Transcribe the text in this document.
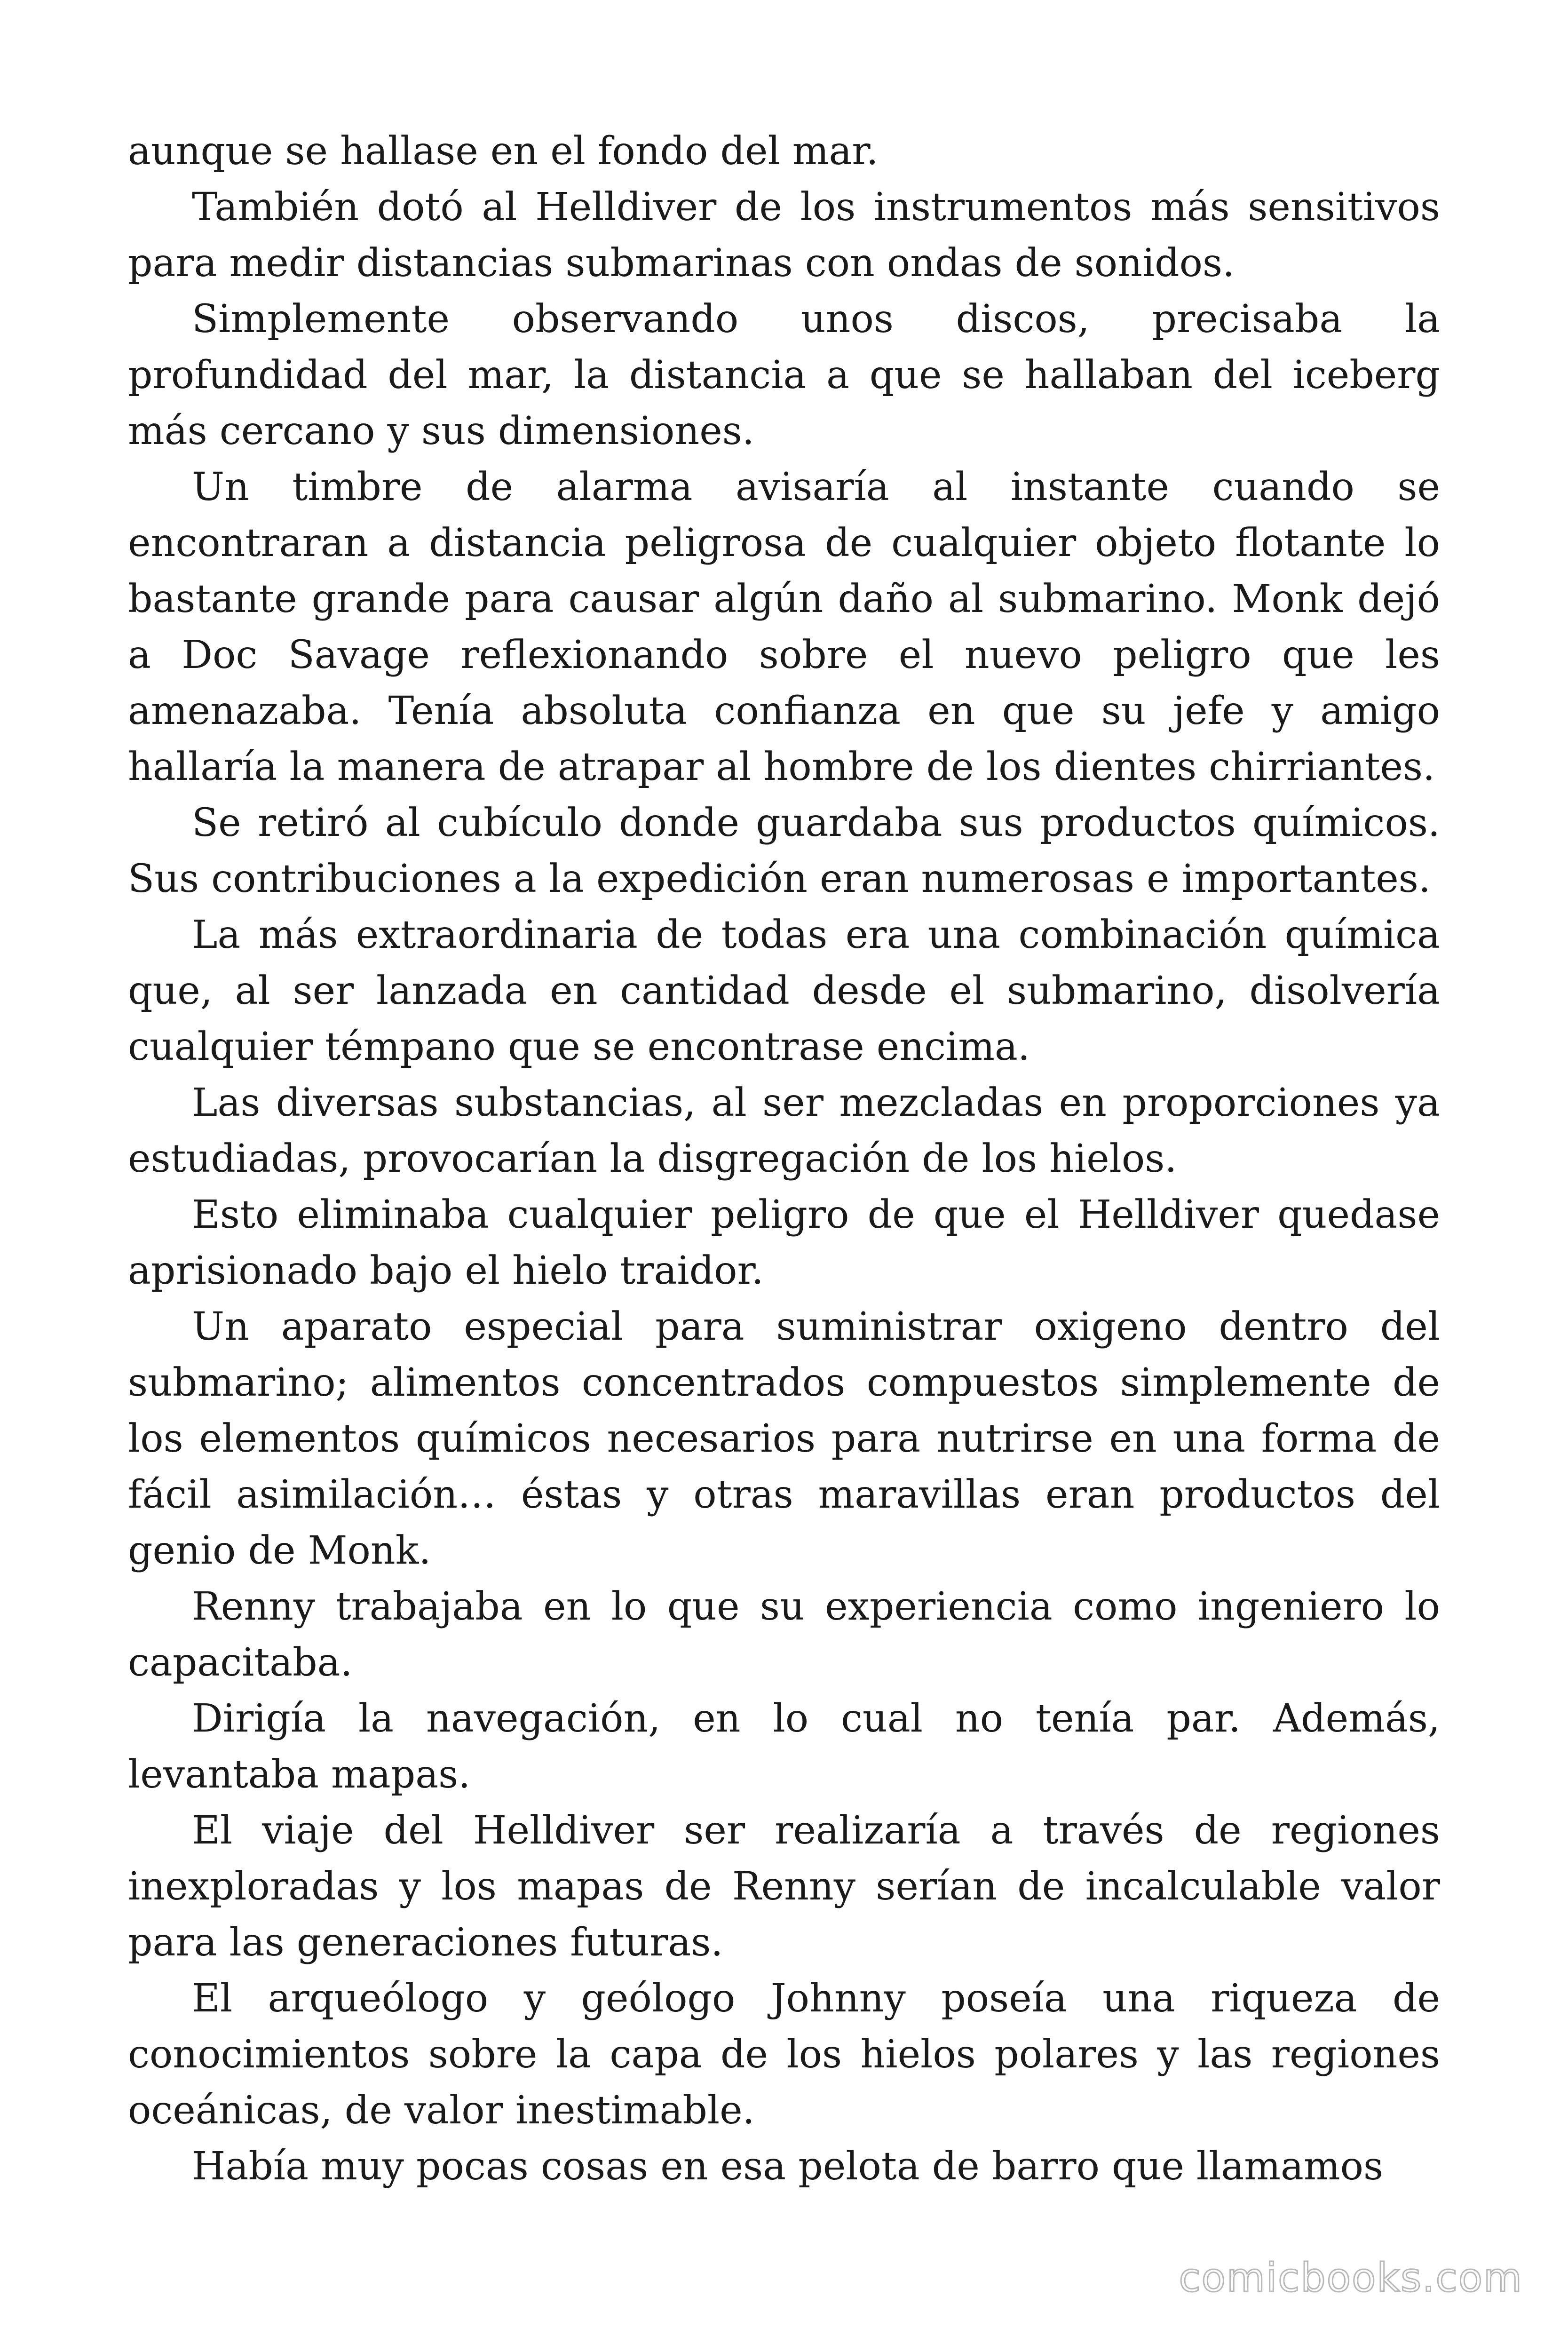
aunque se hallase en el fondo del mar.

También dotó al Helldiver de los instrumentos más sensitivos para medir distancias submarinas con ondas de sonidos.

Simplemente observando unos discos, precisaba la profundidad del mar, la distancia a que se hallaban del iceberg más cercano y sus dimensiones.

Un timbre de alarma avisaría al instante cuando se encontraran a distancia peligrosa de cualquier objeto flotante lo bastante grande para causar algún daño al submarino. Monk dejó a Doc Savage reflexionando sobre el nuevo peligro que les amenazaba. Tenía absoluta confianza en que su jefe y amigo hallaría la manera de atrapar al hombre de los dientes chirriantes.

Se retiró al cubículo donde guardaba sus productos químicos. Sus contribuciones a la expedición eran numerosas e importantes.

La más extraordinaria de todas era una combinación química que, al ser lanzada en cantidad desde el submarino, disolvería cualquier témpano que se encontrase encima.

Las diversas substancias, al ser mezcladas en proporciones ya estudiadas, provocarían la disgregación de los hielos.

Esto eliminaba cualquier peligro de que el Helldiver quedase aprisionado bajo el hielo traidor.

Un aparato especial para suministrar oxigeno dentro del submarino; alimentos concentrados compuestos simplemente de los elementos químicos necesarios para nutrirse en una forma de fácil asimilación… éstas y otras maravillas eran productos del genio de Monk.

Renny trabajaba en lo que su experiencia como ingeniero lo capacitaba.

Dirigía la navegación, en lo cual no tenía par. Además, levantaba mapas.

El viaje del Helldiver ser realizaría a través de regiones inexploradas y los mapas de Renny serían de incalculable valor para las generaciones futuras.

El arqueólogo y geólogo Johnny poseía una riqueza de conocimientos sobre la capa de los hielos polares y las regiones oceánicas, de valor inestimable.

Había muy pocas cosas en esa pelota de barro que llamamos

comicbooks.com
